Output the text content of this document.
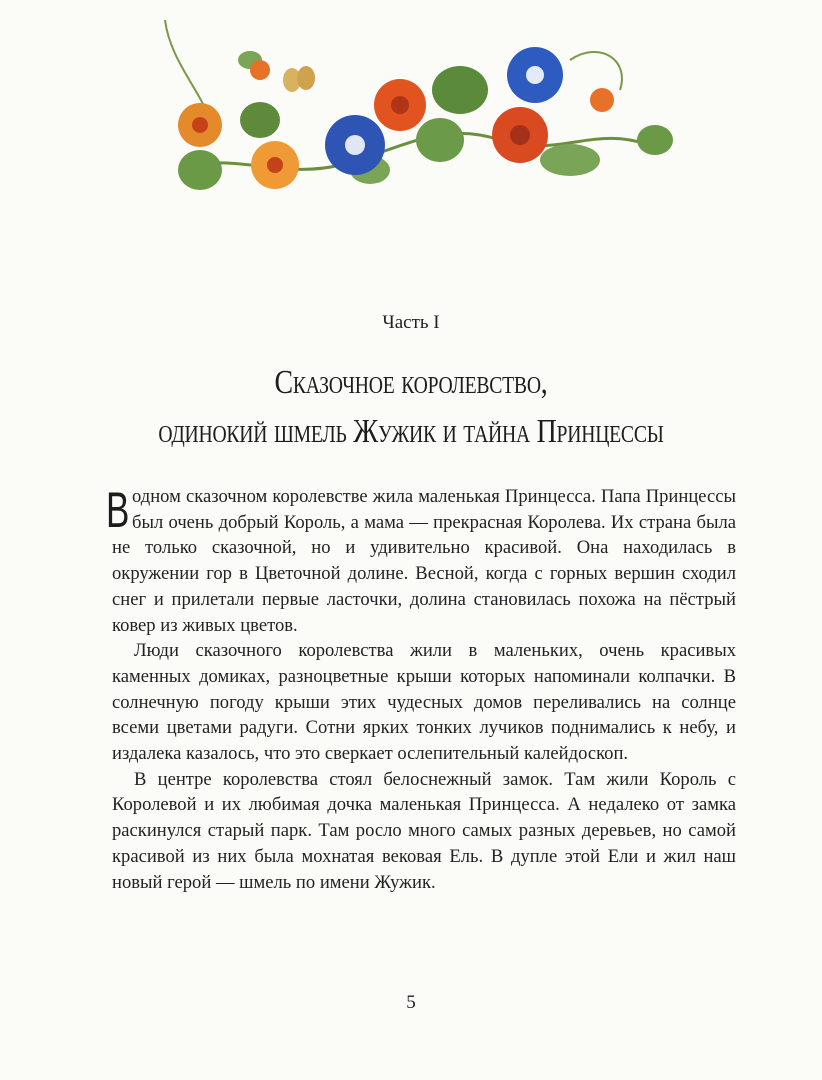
Часть I
Сказочное королевство,
одинокий шмель Жужик и тайна Принцессы

Водном сказочном королевстве жила маленькая Принцесса. Папа Принцессы был очень добрый Король, а мама — прекрасная Королева. Их страна была не только сказочной, но и удивительно красивой. Она находилась в окружении гор в Цветочной долине. Весной, когда с горных вершин сходил снег и прилетали первые ласточки, долина становилась похожа на пёстрый ковер из живых цветов.

Люди сказочного королевства жили в маленьких, очень красивых каменных домиках, разноцветные крыши которых напоминали колпачки. В солнечную погоду крыши этих чудесных домов переливались на солнце всеми цветами радуги. Сотни ярких тонких лучиков поднимались к небу, и издалека казалось, что это сверкает ослепительный калейдоскоп.

В центре королевства стоял белоснежный замок. Там жили Король с Королевой и их любимая дочка маленькая Принцесса. А недалеко от замка раскинулся старый парк. Там росло много самых разных деревьев, но самой красивой из них была мохнатая вековая Ель. В дупле этой Ели и жил наш новый герой — шмель по имени Жужик.

5
